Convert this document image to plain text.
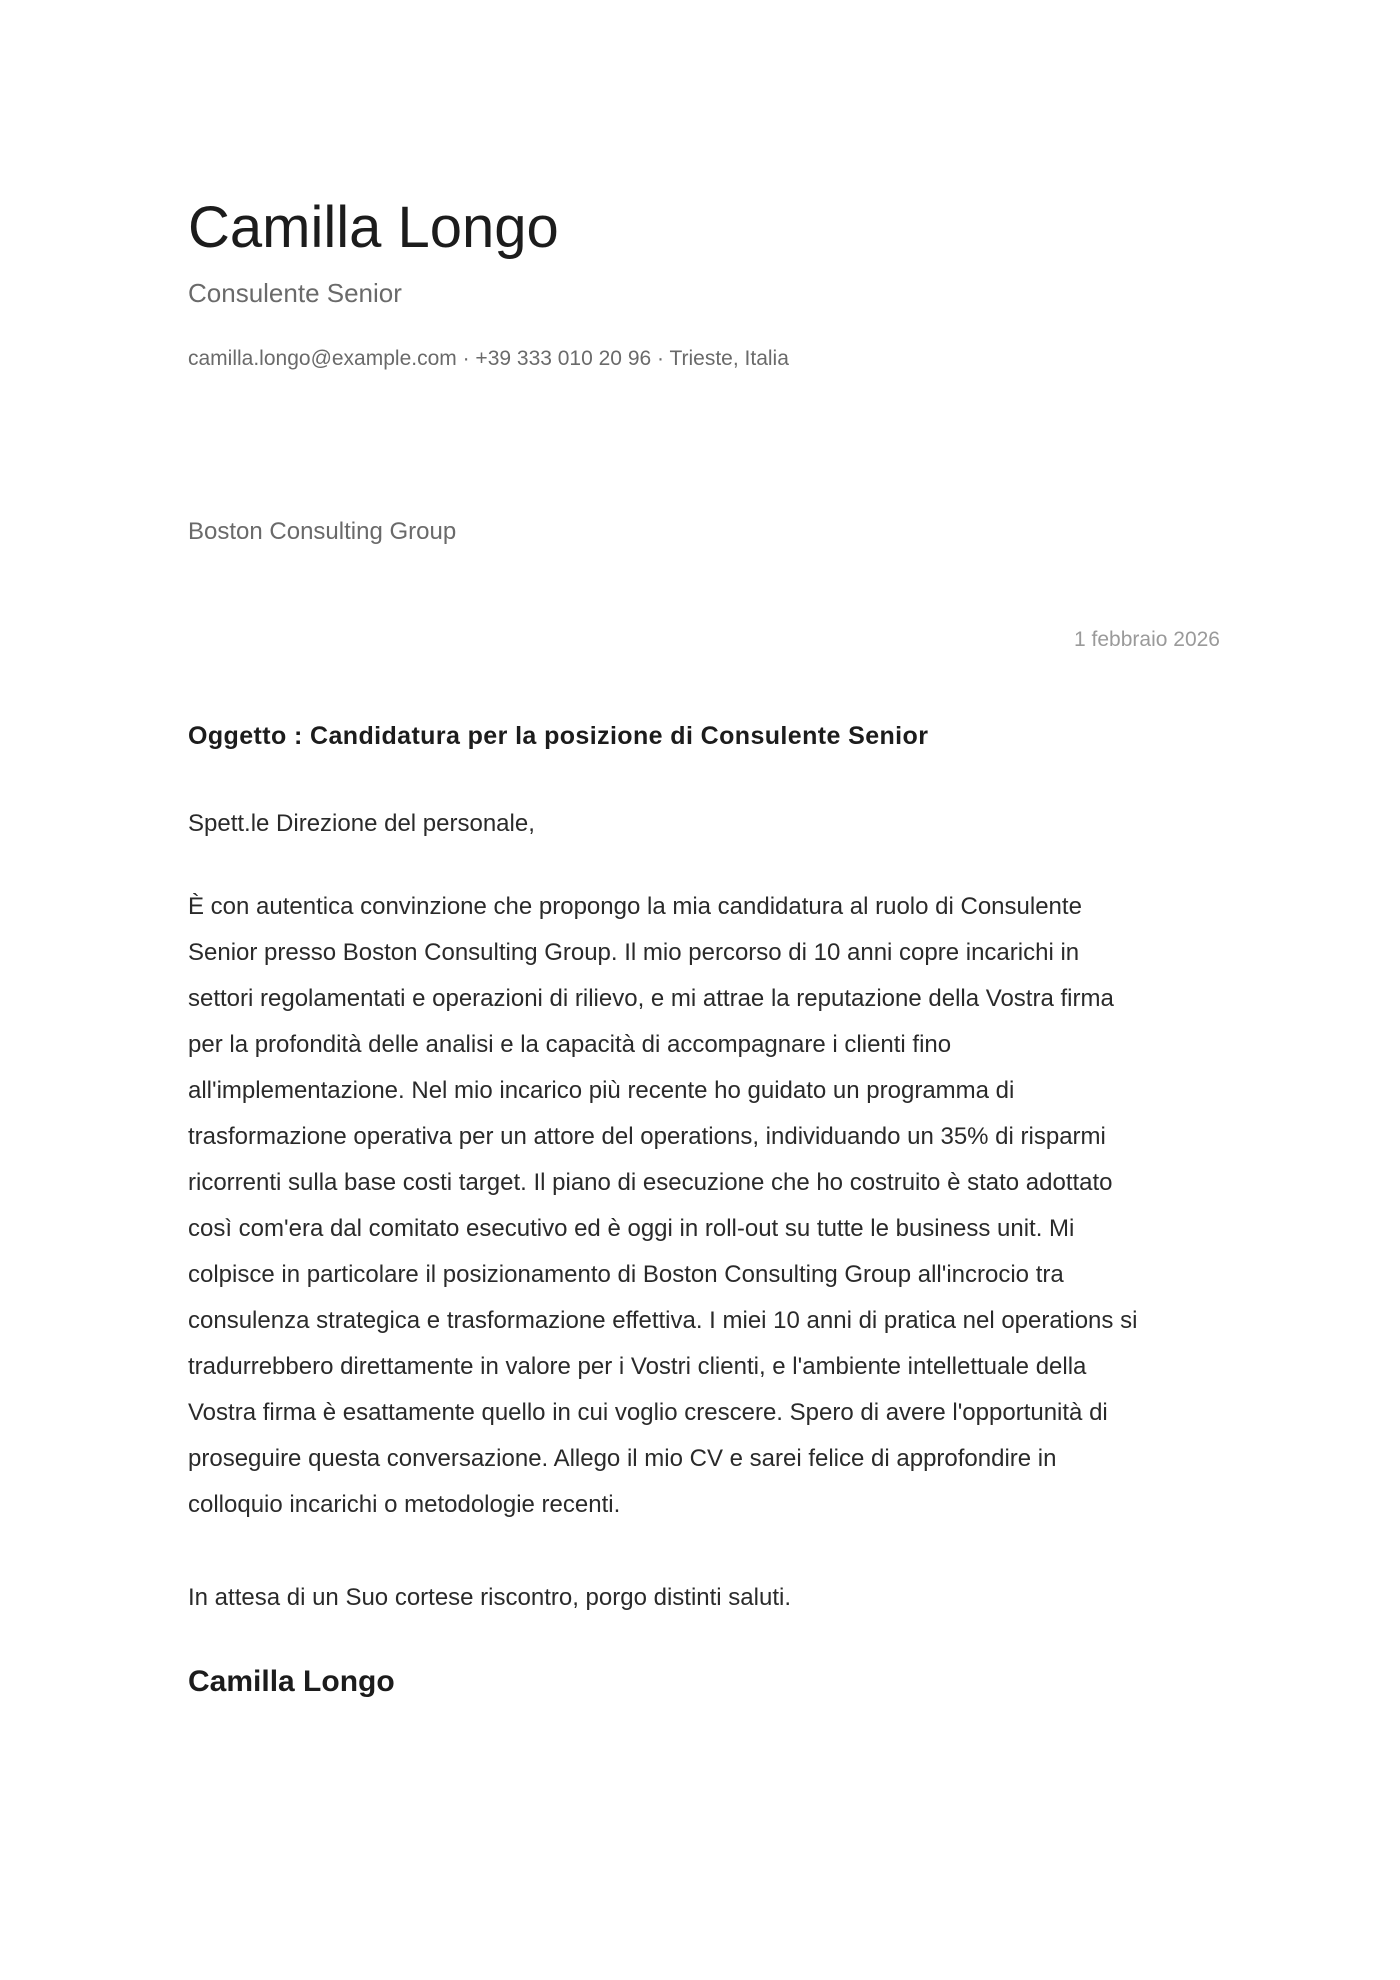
Camilla Longo
Consulente Senior
camilla.longo@example.com · +39 333 010 20 96 · Trieste, Italia
Boston Consulting Group
1 febbraio 2026
Oggetto : Candidatura per la posizione di Consulente Senior
Spett.le Direzione del personale,

È con autentica convinzione che propongo la mia candidatura al ruolo di Consulente
Senior presso Boston Consulting Group. Il mio percorso di 10 anni copre incarichi in
settori regolamentati e operazioni di rilievo, e mi attrae la reputazione della Vostra firma
per la profondità delle analisi e la capacità di accompagnare i clienti fino
all'implementazione. Nel mio incarico più recente ho guidato un programma di
trasformazione operativa per un attore del operations, individuando un 35% di risparmi
ricorrenti sulla base costi target. Il piano di esecuzione che ho costruito è stato adottato
così com'era dal comitato esecutivo ed è oggi in roll-out su tutte le business unit. Mi
colpisce in particolare il posizionamento di Boston Consulting Group all'incrocio tra
consulenza strategica e trasformazione effettiva. I miei 10 anni di pratica nel operations si
tradurrebbero direttamente in valore per i Vostri clienti, e l'ambiente intellettuale della
Vostra firma è esattamente quello in cui voglio crescere. Spero di avere l'opportunità di
proseguire questa conversazione. Allego il mio CV e sarei felice di approfondire in
colloquio incarichi o metodologie recenti.

In attesa di un Suo cortese riscontro, porgo distinti saluti.
Camilla Longo
